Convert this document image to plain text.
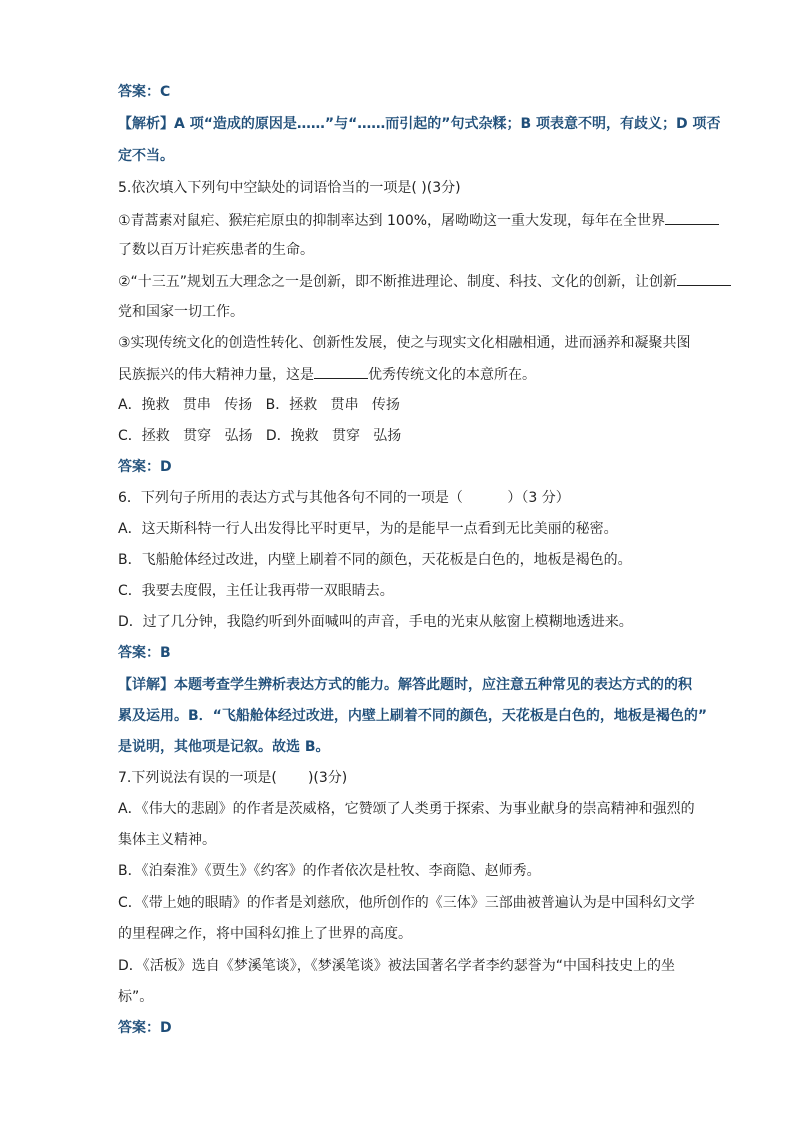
答案：C
【解析】A 项“造成的原因是……”与“……而引起的”句式杂糅；B 项表意不明，有歧义；D 项否
定不当。
5.依次填入下列句中空缺处的词语恰当的一项是( )(3分)
①青蒿素对鼠疟、猴疟疟原虫的抑制率达到 100%，屠呦呦这一重大发现，每年在全世界
了数以百万计疟疾患者的生命。
②“十三五”规划五大理念之一是创新，即不断推进理论、制度、科技、文化的创新，让创新
党和国家一切工作。
③实现传统文化的创造性转化、创新性发展，使之与现实文化相融相通，进而涵养和凝聚共图
民族振兴的伟大精神力量，这是	优秀传统文化的本意所在。
A．挽救   贯串   传扬   B．拯救   贯串   传扬
C．拯救   贯穿   弘扬   D．挽救   贯穿   弘扬
答案：D
6．下列句子所用的表达方式与其他各句不同的一项是（          ）（3 分）
A．这天斯科特一行人出发得比平时更早，为的是能早一点看到无比美丽的秘密。
B．飞船舱体经过改进，内壁上刷着不同的颜色，天花板是白色的，地板是褐色的。
C．我要去度假，主任让我再带一双眼睛去。
D．过了几分钟，我隐约听到外面喊叫的声音，手电的光束从舷窗上模糊地透进来。
答案：B
【详解】本题考查学生辨析表达方式的能力。解答此题时，应注意五种常见的表达方式的的积
累及运用。B．“飞船舱体经过改进，内壁上刷着不同的颜色，天花板是白色的，地板是褐色的”
是说明，其他项是记叙。故选 B。
7.下列说法有误的一项是(       )(3分)
A．《伟大的悲剧》的作者是茨威格，它赞颂了人类勇于探索、为事业献身的崇高精神和强烈的
集体主义精神。
B．《泊秦淮》《贾生》《约客》的作者依次是杜牧、李商隐、赵师秀。
C．《带上她的眼睛》的作者是刘慈欣，他所创作的《三体》三部曲被普遍认为是中国科幻文学
的里程碑之作，将中国科幻推上了世界的高度。
D．《活板》选自《梦溪笔谈》，《梦溪笔谈》被法国著名学者李约瑟誉为“中国科技史上的坐
标”。
答案：D
